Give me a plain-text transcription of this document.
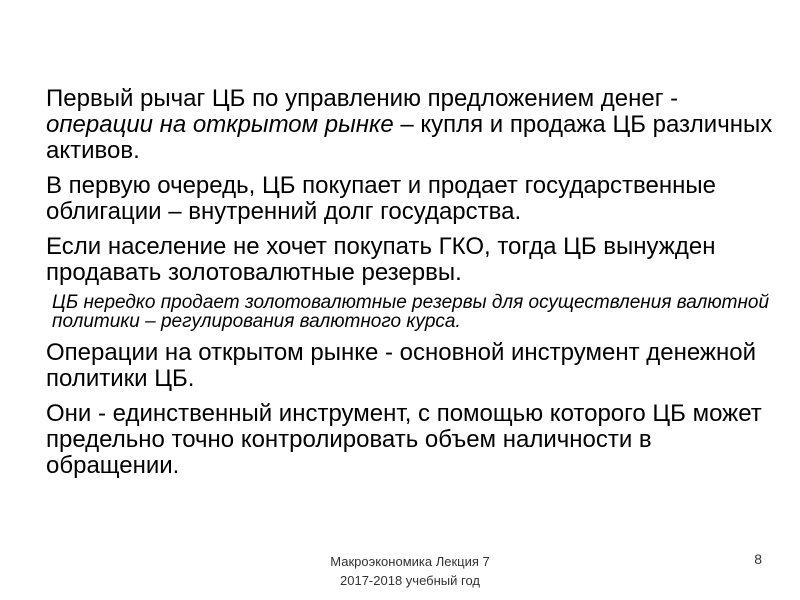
Первый рычаг ЦБ по управлению предложением денег - операции на открытом рынке – купля и продажа ЦБ различных активов.

В первую очередь, ЦБ покупает и продает государственные облигации – внутренний долг государства.

Если население не хочет покупать ГКО, тогда ЦБ вынужден продавать золотовалютные резервы.

ЦБ нередко продает золотовалютные резервы для осуществления валютной политики – регулирования валютного курса.

Операции на открытом рынке - основной инструмент денежной политики ЦБ.

Они - единственный инструмент, с помощью которого ЦБ может предельно точно контролировать объем наличности в обращении.

Макроэкономика Лекция 7
2017-2018 учебный год
8
